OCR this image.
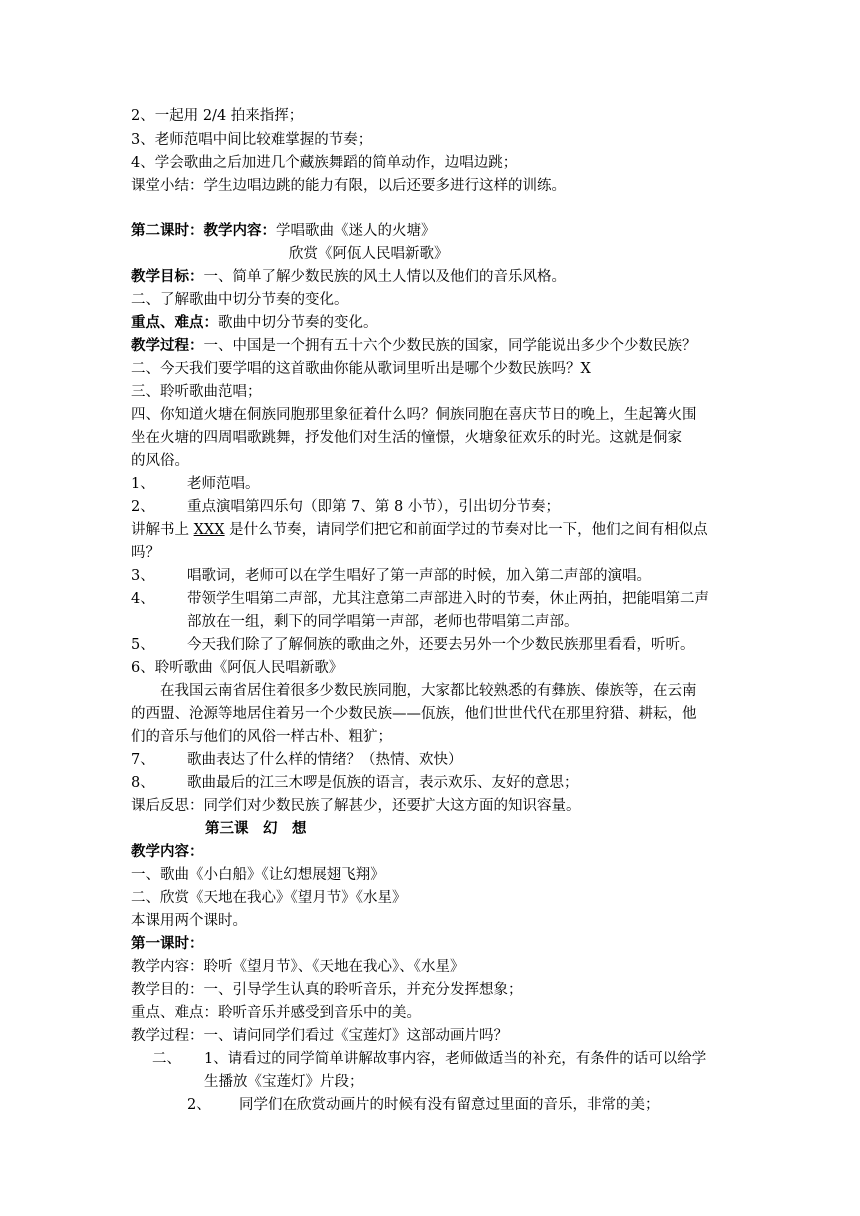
2、一起用 2/4 拍来指挥；
3、老师范唱中间比较难掌握的节奏；
4、学会歌曲之后加进几个藏族舞蹈的简单动作，边唱边跳；
课堂小结：学生边唱边跳的能力有限，以后还要多进行这样的训练。
第二课时：教学内容：学唱歌曲《迷人的火塘》
欣赏《阿佤人民唱新歌》
教学目标：一、简单了解少数民族的风土人情以及他们的音乐风格。
二、了解歌曲中切分节奏的变化。
重点、难点：歌曲中切分节奏的变化。
教学过程：一、中国是一个拥有五十六个少数民族的国家，同学能说出多少个少数民族？
二、今天我们要学唱的这首歌曲你能从歌词里听出是哪个少数民族吗？X
三、聆听歌曲范唱；
四、你知道火塘在侗族同胞那里象征着什么吗？侗族同胞在喜庆节日的晚上，生起篝火围
坐在火塘的四周唱歌跳舞，抒发他们对生活的憧憬，火塘象征欢乐的时光。这就是侗家
的风俗。
1、 老师范唱。
2、 重点演唱第四乐句（即第 7、第 8 小节），引出切分节奏；
讲解书上 XXX 是什么节奏，请同学们把它和前面学过的节奏对比一下，他们之间有相似点
吗？
3、 唱歌词，老师可以在学生唱好了第一声部的时候，加入第二声部的演唱。
4、 带领学生唱第二声部，尤其注意第二声部进入时的节奏，休止两拍，把能唱第二声
部放在一组，剩下的同学唱第一声部，老师也带唱第二声部。
5、 今天我们除了了解侗族的歌曲之外，还要去另外一个少数民族那里看看，听听。
6、聆听歌曲《阿佤人民唱新歌》
在我国云南省居住着很多少数民族同胞，大家都比较熟悉的有彝族、傣族等，在云南
的西盟、沧源等地居住着另一个少数民族——佤族，他们世世代代在那里狩猎、耕耘，他
们的音乐与他们的风俗一样古朴、粗犷；
7、 歌曲表达了什么样的情绪？（热情、欢快）
8、 歌曲最后的江三木啰是佤族的语言，表示欢乐、友好的意思；
课后反思：同学们对少数民族了解甚少，还要扩大这方面的知识容量。
第三课　幻　想
教学内容：
一、歌曲《小白船》《让幻想展翅飞翔》
二、欣赏《天地在我心》《望月节》《水星》
本课用两个课时。
第一课时：
教学内容：聆听《望月节》、《天地在我心》、《水星》
教学目的：一、引导学生认真的聆听音乐，并充分发挥想象；
重点、难点：聆听音乐并感受到音乐中的美。
教学过程：一、请问同学们看过《宝莲灯》这部动画片吗？
二、 1、请看过的同学简单讲解故事内容，老师做适当的补充，有条件的话可以给学
生播放《宝莲灯》片段；
2、 同学们在欣赏动画片的时候有没有留意过里面的音乐，非常的美；
